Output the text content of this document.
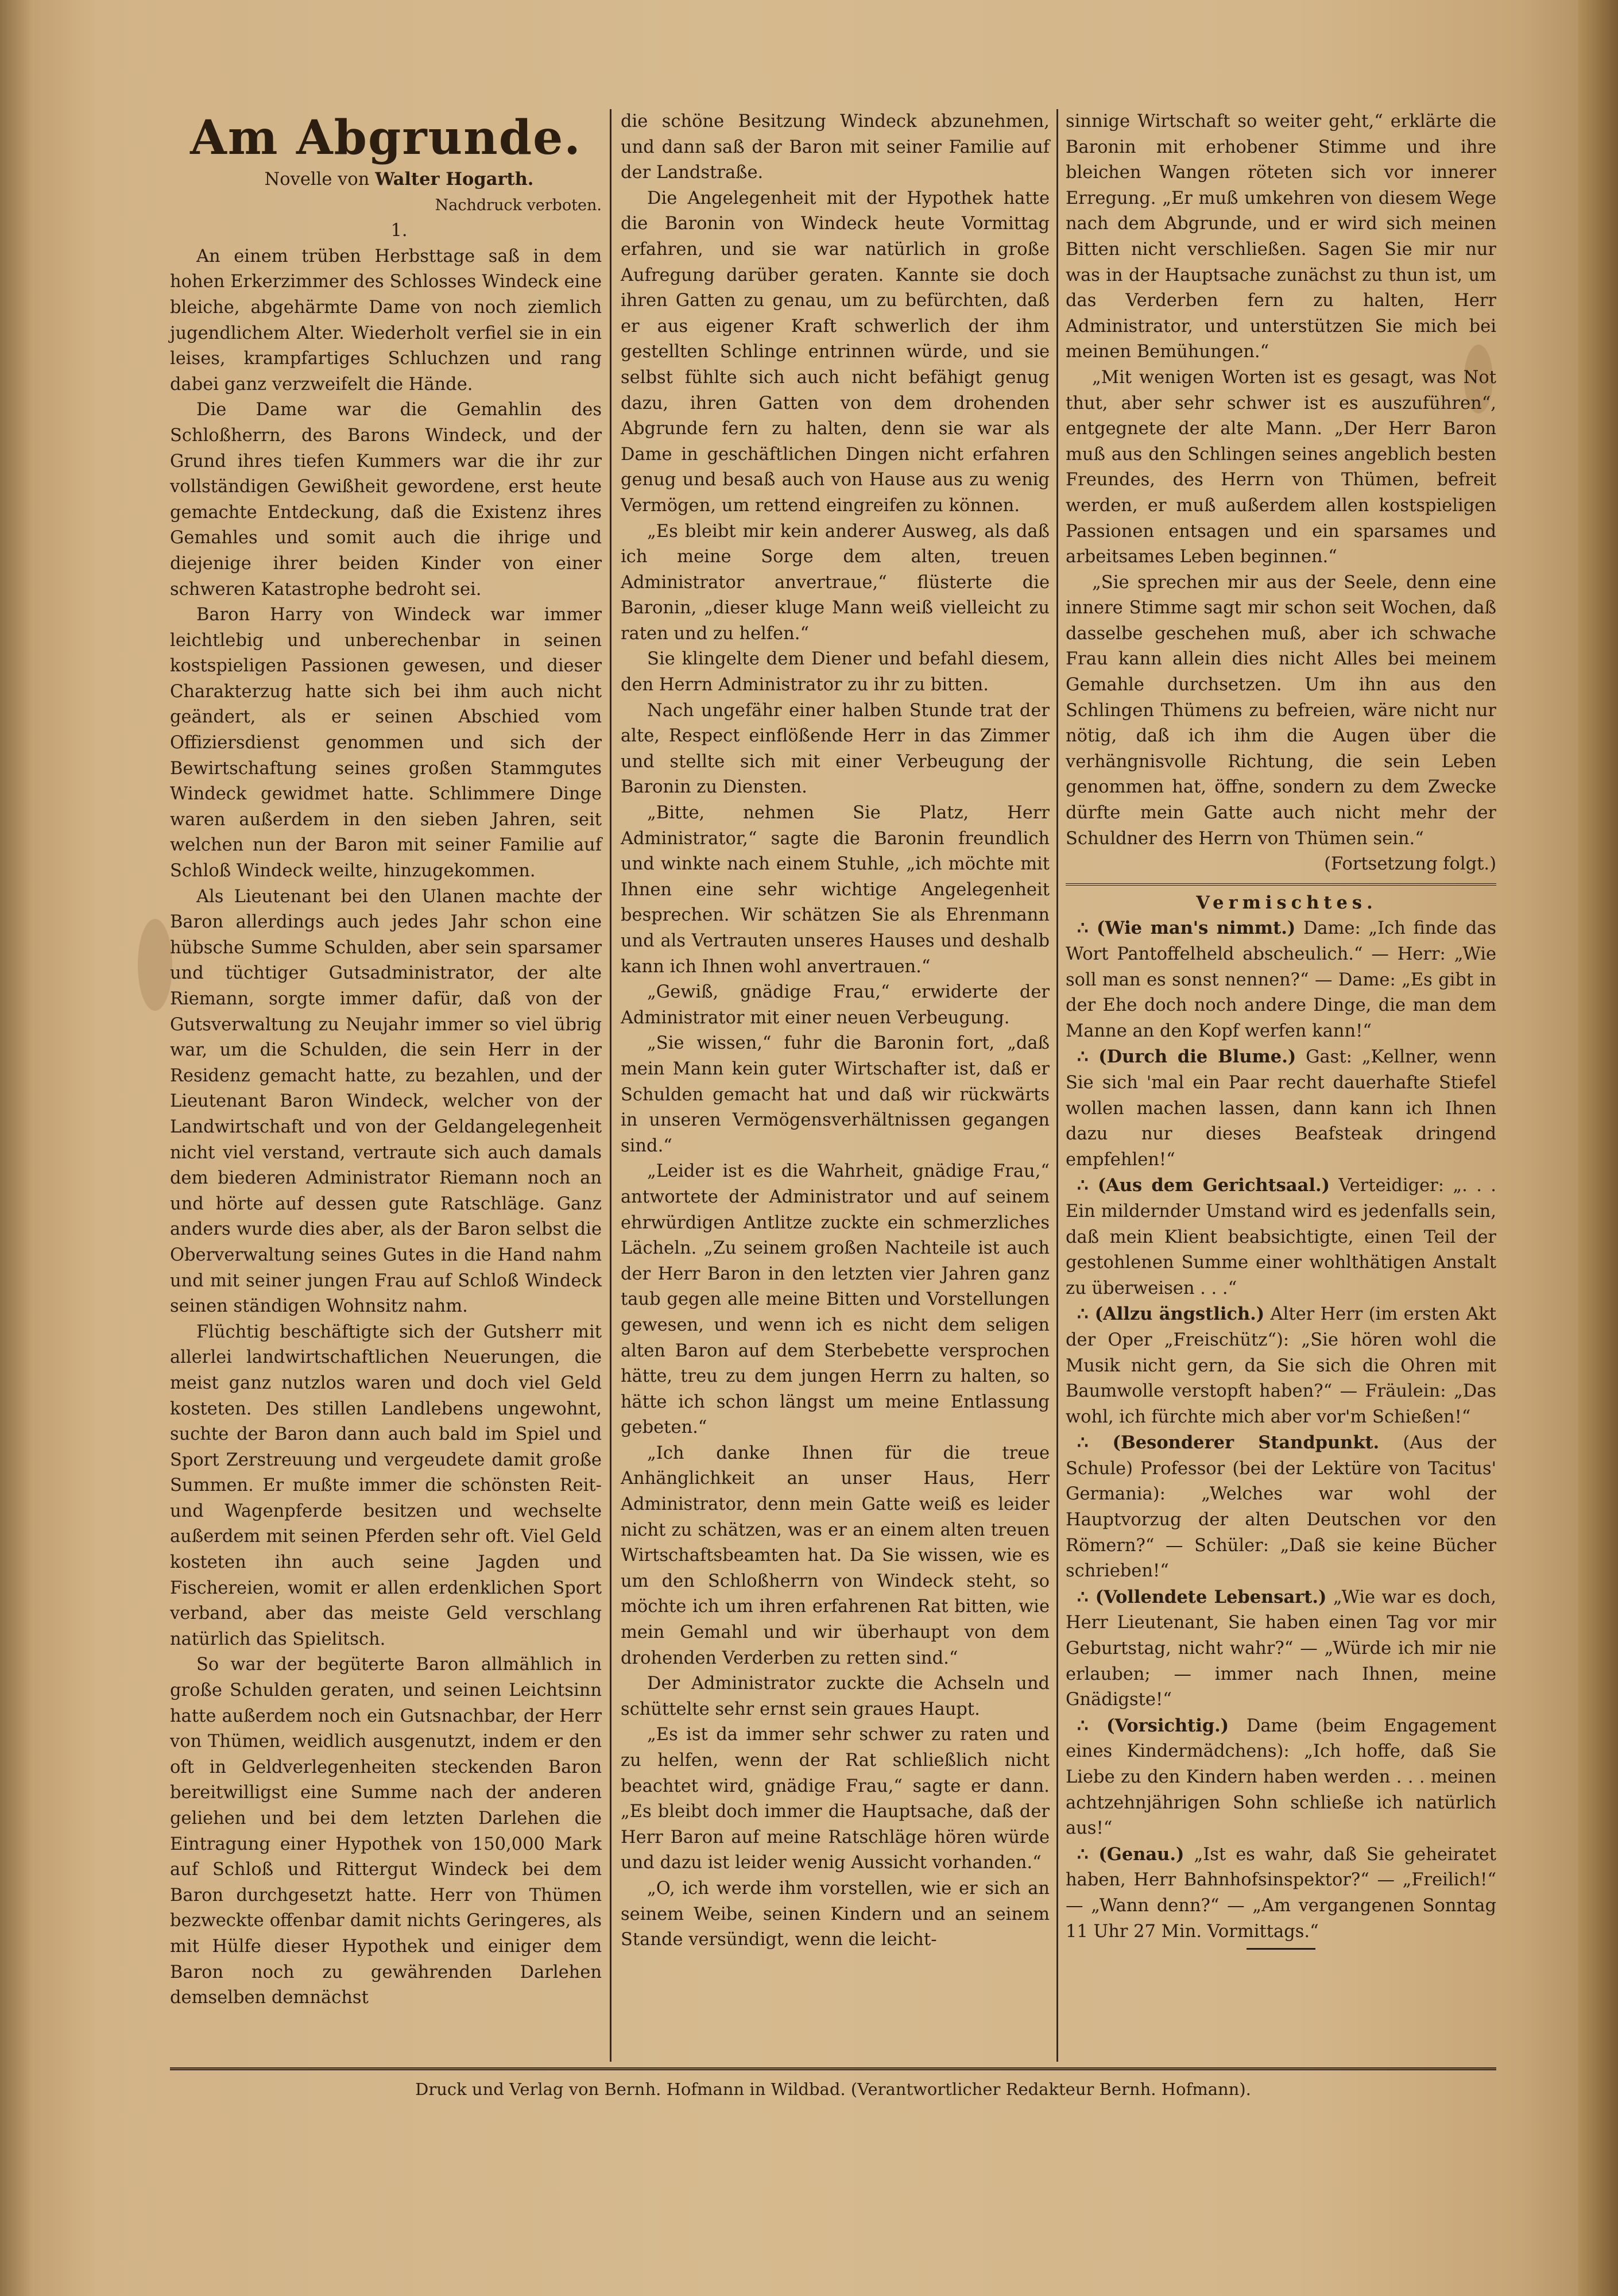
Am Abgrunde.

Novelle von Walter Hogarth.

Nachdruck verboten.

1.

An einem trüben Herbsttage saß in dem hohen Erkerzimmer des Schlosses Windeck eine bleiche, abgehärmte Dame von noch ziemlich jugendlichem Alter. Wiederholt verfiel sie in ein leises, krampfartiges Schluchzen und rang dabei ganz verzweifelt die Hände.

Die Dame war die Gemahlin des Schloßherrn, des Barons Windeck, und der Grund ihres tiefen Kummers war die ihr zur vollständigen Gewißheit gewordene, erst heute gemachte Entdeckung, daß die Existenz ihres Gemahles und somit auch die ihrige und diejenige ihrer beiden Kinder von einer schweren Katastrophe bedroht sei.

Baron Harry von Windeck war immer leichtlebig und unberechenbar in seinen kostspieligen Passionen gewesen, und dieser Charakterzug hatte sich bei ihm auch nicht geändert, als er seinen Abschied vom Offiziersdienst genommen und sich der Bewirtschaftung seines großen Stammgutes Windeck gewidmet hatte. Schlimmere Dinge waren außerdem in den sieben Jahren, seit welchen nun der Baron mit seiner Familie auf Schloß Windeck weilte, hinzugekommen.

Als Lieutenant bei den Ulanen machte der Baron allerdings auch jedes Jahr schon eine hübsche Summe Schulden, aber sein sparsamer und tüchtiger Gutsadministrator, der alte Riemann, sorgte immer dafür, daß von der Gutsverwaltung zu Neujahr immer so viel übrig war, um die Schulden, die sein Herr in der Residenz gemacht hatte, zu bezahlen, und der Lieutenant Baron Windeck, welcher von der Landwirtschaft und von der Geldangelegenheit nicht viel verstand, vertraute sich auch damals dem biederen Administrator Riemann noch an und hörte auf dessen gute Ratschläge. Ganz anders wurde dies aber, als der Baron selbst die Oberverwaltung seines Gutes in die Hand nahm und mit seiner jungen Frau auf Schloß Windeck seinen ständigen Wohnsitz nahm.

Flüchtig beschäftigte sich der Gutsherr mit allerlei landwirtschaftlichen Neuerungen, die meist ganz nutzlos waren und doch viel Geld kosteten. Des stillen Landlebens ungewohnt, suchte der Baron dann auch bald im Spiel und Sport Zerstreuung und vergeudete damit große Summen. Er mußte immer die schönsten Reit- und Wagenpferde besitzen und wechselte außerdem mit seinen Pferden sehr oft. Viel Geld kosteten ihn auch seine Jagden und Fischereien, womit er allen erdenklichen Sport verband, aber das meiste Geld verschlang natürlich das Spielitsch.

So war der begüterte Baron allmählich in große Schulden geraten, und seinen Leichtsinn hatte außerdem noch ein Gutsnachbar, der Herr von Thümen, weidlich ausgenutzt, indem er den oft in Geldverlegenheiten steckenden Baron bereitwilligst eine Summe nach der anderen geliehen und bei dem letzten Darlehen die Eintragung einer Hypothek von 150,000 Mark auf Schloß und Rittergut Windeck bei dem Baron durchgesetzt hatte. Herr von Thümen bezweckte offenbar damit nichts Geringeres, als mit Hülfe dieser Hypothek und einiger dem Baron noch zu gewährenden Darlehen demselben demnächst

die schöne Besitzung Windeck abzunehmen, und dann saß der Baron mit seiner Familie auf der Landstraße.

Die Angelegenheit mit der Hypothek hatte die Baronin von Windeck heute Vormittag erfahren, und sie war natürlich in große Aufregung darüber geraten. Kannte sie doch ihren Gatten zu genau, um zu befürchten, daß er aus eigener Kraft schwerlich der ihm gestellten Schlinge entrinnen würde, und sie selbst fühlte sich auch nicht befähigt genug dazu, ihren Gatten von dem drohenden Abgrunde fern zu halten, denn sie war als Dame in geschäftlichen Dingen nicht erfahren genug und besaß auch von Hause aus zu wenig Vermögen, um rettend eingreifen zu können.

„Es bleibt mir kein anderer Ausweg, als daß ich meine Sorge dem alten, treuen Administrator anvertraue,“ flüsterte die Baronin, „dieser kluge Mann weiß vielleicht zu raten und zu helfen.“

Sie klingelte dem Diener und befahl diesem, den Herrn Administrator zu ihr zu bitten.

Nach ungefähr einer halben Stunde trat der alte, Respect einflößende Herr in das Zimmer und stellte sich mit einer Verbeugung der Baronin zu Diensten.

„Bitte, nehmen Sie Platz, Herr Administrator,“ sagte die Baronin freundlich und winkte nach einem Stuhle, „ich möchte mit Ihnen eine sehr wichtige Angelegenheit besprechen. Wir schätzen Sie als Ehrenmann und als Vertrauten unseres Hauses und deshalb kann ich Ihnen wohl anvertrauen.“

„Gewiß, gnädige Frau,“ erwiderte der Administrator mit einer neuen Verbeugung.

„Sie wissen,“ fuhr die Baronin fort, „daß mein Mann kein guter Wirtschafter ist, daß er Schulden gemacht hat und daß wir rückwärts in unseren Vermögensverhältnissen gegangen sind.“

„Leider ist es die Wahrheit, gnädige Frau,“ antwortete der Administrator und auf seinem ehrwürdigen Antlitze zuckte ein schmerzliches Lächeln. „Zu seinem großen Nachteile ist auch der Herr Baron in den letzten vier Jahren ganz taub gegen alle meine Bitten und Vorstellungen gewesen, und wenn ich es nicht dem seligen alten Baron auf dem Sterbebette versprochen hätte, treu zu dem jungen Herrn zu halten, so hätte ich schon längst um meine Entlassung gebeten.“

„Ich danke Ihnen für die treue Anhänglichkeit an unser Haus, Herr Administrator, denn mein Gatte weiß es leider nicht zu schätzen, was er an einem alten treuen Wirtschaftsbeamten hat. Da Sie wissen, wie es um den Schloßherrn von Windeck steht, so möchte ich um ihren erfahrenen Rat bitten, wie mein Gemahl und wir überhaupt von dem drohenden Verderben zu retten sind.“

Der Administrator zuckte die Achseln und schüttelte sehr ernst sein graues Haupt.

„Es ist da immer sehr schwer zu raten und zu helfen, wenn der Rat schließlich nicht beachtet wird, gnädige Frau,“ sagte er dann. „Es bleibt doch immer die Hauptsache, daß der Herr Baron auf meine Ratschläge hören würde und dazu ist leider wenig Aussicht vorhanden.“

„O, ich werde ihm vorstellen, wie er sich an seinem Weibe, seinen Kindern und an seinem Stande versündigt, wenn die leicht-

sinnige Wirtschaft so weiter geht,“ erklärte die Baronin mit erhobener Stimme und ihre bleichen Wangen röteten sich vor innerer Erregung. „Er muß umkehren von diesem Wege nach dem Abgrunde, und er wird sich meinen Bitten nicht verschließen. Sagen Sie mir nur was in der Hauptsache zunächst zu thun ist, um das Verderben fern zu halten, Herr Administrator, und unterstützen Sie mich bei meinen Bemühungen.“

„Mit wenigen Worten ist es gesagt, was Not thut, aber sehr schwer ist es auszuführen“, entgegnete der alte Mann. „Der Herr Baron muß aus den Schlingen seines angeblich besten Freundes, des Herrn von Thümen, befreit werden, er muß außerdem allen kostspieligen Passionen entsagen und ein sparsames und arbeitsames Leben beginnen.“

„Sie sprechen mir aus der Seele, denn eine innere Stimme sagt mir schon seit Wochen, daß dasselbe geschehen muß, aber ich schwache Frau kann allein dies nicht Alles bei meinem Gemahle durchsetzen. Um ihn aus den Schlingen Thümens zu befreien, wäre nicht nur nötig, daß ich ihm die Augen über die verhängnisvolle Richtung, die sein Leben genommen hat, öffne, sondern zu dem Zwecke dürfte mein Gatte auch nicht mehr der Schuldner des Herrn von Thümen sein.“

(Fortsetzung folgt.)

Vermischtes.

∴ (Wie man's nimmt.) Dame: „Ich finde das Wort Pantoffelheld abscheulich.“ — Herr: „Wie soll man es sonst nennen?“ — Dame: „Es gibt in der Ehe doch noch andere Dinge, die man dem Manne an den Kopf werfen kann!“

∴ (Durch die Blume.) Gast: „Kellner, wenn Sie sich 'mal ein Paar recht dauerhafte Stiefel wollen machen lassen, dann kann ich Ihnen dazu nur dieses Beafsteak dringend empfehlen!“

∴ (Aus dem Gerichtsaal.) Verteidiger: „. . . Ein mildernder Umstand wird es jedenfalls sein, daß mein Klient beabsichtigte, einen Teil der gestohlenen Summe einer wohlthätigen Anstalt zu überweisen . . .“

∴ (Allzu ängstlich.) Alter Herr (im ersten Akt der Oper „Freischütz“): „Sie hören wohl die Musik nicht gern, da Sie sich die Ohren mit Baumwolle verstopft haben?“ — Fräulein: „Das wohl, ich fürchte mich aber vor'm Schießen!“

∴ (Besonderer Standpunkt. (Aus der Schule) Professor (bei der Lektüre von Tacitus' Germania): „Welches war wohl der Hauptvorzug der alten Deutschen vor den Römern?“ — Schüler: „Daß sie keine Bücher schrieben!“

∴ (Vollendete Lebensart.) „Wie war es doch, Herr Lieutenant, Sie haben einen Tag vor mir Geburtstag, nicht wahr?“ — „Würde ich mir nie erlauben; — immer nach Ihnen, meine Gnädigste!“

∴ (Vorsichtig.) Dame (beim Engagement eines Kindermädchens): „Ich hoffe, daß Sie Liebe zu den Kindern haben werden . . . meinen achtzehnjährigen Sohn schließe ich natürlich aus!“

∴ (Genau.) „Ist es wahr, daß Sie geheiratet haben, Herr Bahnhofsinspektor?“ — „Freilich!“ — „Wann denn?“ — „Am vergangenen Sonntag 11 Uhr 27 Min. Vormittags.“

Druck und Verlag von Bernh. Hofmann in Wildbad. (Verantwortlicher Redakteur Bernh. Hofmann).
